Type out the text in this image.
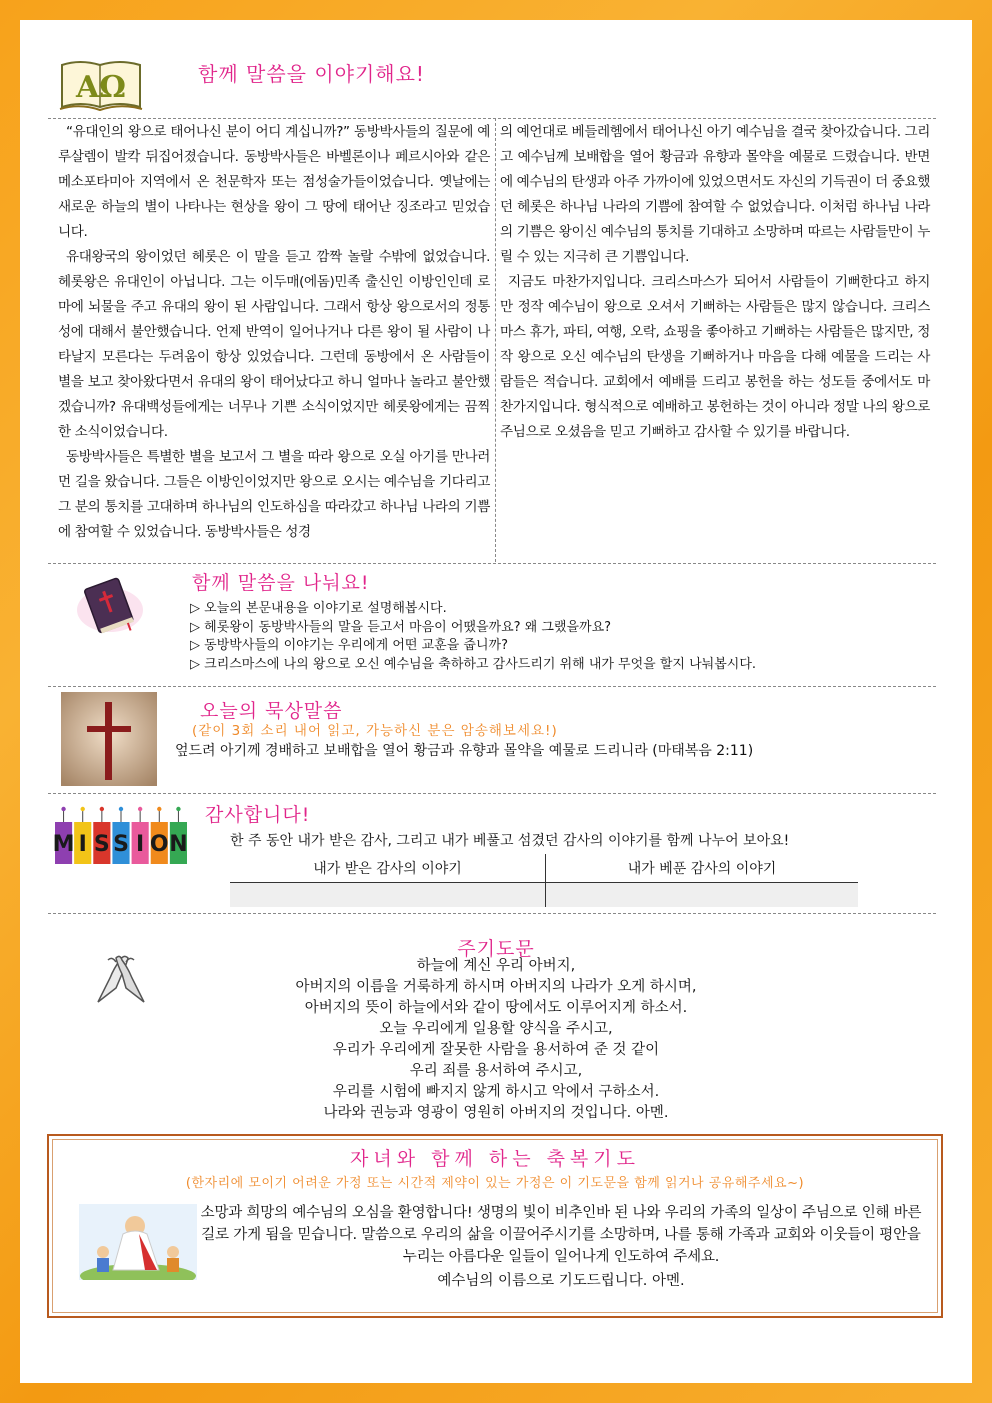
ΑΩ	함께 말씀을 이야기해요!

“유대인의 왕으로 태어나신 분이 어디 계십니까?” 동방박사들의 질문에 예루살렘이 발칵 뒤집어졌습니다. 동방박사들은 바벨론이나 페르시아와 같은 메소포타미아 지역에서 온 천문학자 또는 점성술가들이었습니다. 옛날에는 새로운 하늘의 별이 나타나는 현상을 왕이 그 땅에 태어난 징조라고 믿었습니다.

유대왕국의 왕이었던 헤롯은 이 말을 듣고 깜짝 놀랄 수밖에 없었습니다. 헤롯왕은 유대인이 아닙니다. 그는 이두매(에돔)민족 출신인 이방인인데 로마에 뇌물을 주고 유대의 왕이 된 사람입니다. 그래서 항상 왕으로서의 정통성에 대해서 불안했습니다. 언제 반역이 일어나거나 다른 왕이 될 사람이 나타날지 모른다는 두려움이 항상 있었습니다. 그런데 동방에서 온 사람들이 별을 보고 찾아왔다면서 유대의 왕이 태어났다고 하니 얼마나 놀라고 불안했겠습니까? 유대백성들에게는 너무나 기쁜 소식이었지만 헤롯왕에게는 끔찍한 소식이었습니다.

동방박사들은 특별한 별을 보고서 그 별을 따라 왕으로 오실 아기를 만나러 먼 길을 왔습니다. 그들은 이방인이었지만 왕으로 오시는 예수님을 기다리고 그 분의 통치를 고대하며 하나님의 인도하심을 따라갔고 하나님 나라의 기쁨에 참여할 수 있었습니다. 동방박사들은 성경

의 예언대로 베들레헴에서 태어나신 아기 예수님을 결국 찾아갔습니다. 그리고 예수님께 보배합을 열어 황금과 유향과 몰약을 예물로 드렸습니다. 반면에 예수님의 탄생과 아주 가까이에 있었으면서도 자신의 기득권이 더 중요했던 헤롯은 하나님 나라의 기쁨에 참여할 수 없었습니다. 이처럼 하나님 나라의 기쁨은 왕이신 예수님의 통치를 기대하고 소망하며 따르는 사람들만이 누릴 수 있는 지극히 큰 기쁨입니다.

지금도 마찬가지입니다. 크리스마스가 되어서 사람들이 기뻐한다고 하지만 정작 예수님이 왕으로 오셔서 기뻐하는 사람들은 많지 않습니다. 크리스마스 휴가, 파티, 여행, 오락, 쇼핑을 좋아하고 기뻐하는 사람들은 많지만, 정작 왕으로 오신 예수님의 탄생을 기뻐하거나 마음을 다해 예물을 드리는 사람들은 적습니다. 교회에서 예배를 드리고 봉헌을 하는 성도들 중에서도 마찬가지입니다. 형식적으로 예배하고 봉헌하는 것이 아니라 정말 나의 왕으로 주님으로 오셨음을 믿고 기뻐하고 감사할 수 있기를 바랍니다.

함께 말씀을 나눠요!
▷ 오늘의 본문내용을 이야기로 설명해봅시다.
▷ 헤롯왕이 동방박사들의 말을 듣고서 마음이 어땠을까요? 왜 그랬을까요?
▷ 동방박사들의 이야기는 우리에게 어떤 교훈을 줍니까?
▷ 크리스마스에 나의 왕으로 오신 예수님을 축하하고 감사드리기 위해 내가 무엇을 할지 나눠봅시다.
오늘의 묵상말씀
(같이 3회 소리 내어 읽고, 가능하신 분은 암송해보세요!)
엎드려 아기께 경배하고 보배합을 열어 황금과 유향과 몰약을 예물로 드리니라 (마태복음 2:11)
M I S S I O N
감사합니다!
한 주 동안 내가 받은 감사, 그리고 내가 베풀고 섬겼던 감사의 이야기를 함께 나누어 보아요!
내가 받은 감사의 이야기	내가 베푼 감사의 이야기

주기도문
하늘에 계신 우리 아버지,
아버지의 이름을 거룩하게 하시며 아버지의 나라가 오게 하시며,
아버지의 뜻이 하늘에서와 같이 땅에서도 이루어지게 하소서.
오늘 우리에게 일용할 양식을 주시고,
우리가 우리에게 잘못한 사람을 용서하여 준 것 같이
우리 죄를 용서하여 주시고,
우리를 시험에 빠지지 않게 하시고 악에서 구하소서.
나라와 권능과 영광이 영원히 아버지의 것입니다. 아멘.
자녀와 함께 하는 축복기도
(한자리에 모이기 어려운 가정 또는 시간적 제약이 있는 가정은 이 기도문을 함께 읽거나 공유해주세요~)
소망과 희망의 예수님의 오심을 환영합니다! 생명의 빛이 비추인바 된 나와 우리의 가족의 일상이 주님으로 인해 바른 길로 가게 됨을 믿습니다. 말씀으로 우리의 삶을 이끌어주시기를 소망하며, 나를 통해 가족과 교회와 이웃들이 평안을 누리는 아름다운 일들이 일어나게 인도하여 주세요.
예수님의 이름으로 기도드립니다. 아멘.
